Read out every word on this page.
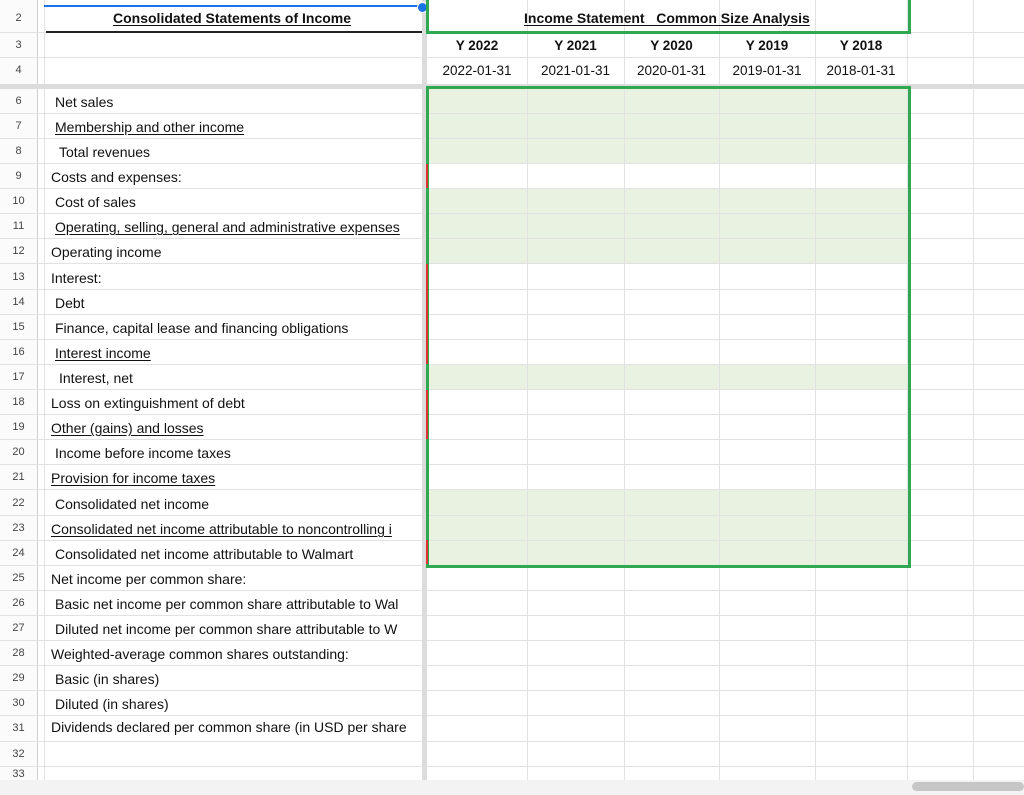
2
3
4
6
7
8
9
10
11
12
13
14
15
16
17
18
19
20
21
22
23
24
25
26
27
28
29
30
31
32
33
Consolidated Statements of Income	Income Statement   Common Size Analysis
Y 2022	Y 2021	Y 2020	Y 2019	Y 2018
2022-01-31	2021-01-31	2020-01-31	2019-01-31	2018-01-31
Net sales
Membership and other income
Total revenues
Costs and expenses:
Cost of sales
Operating, selling, general and administrative expenses
Operating income
Interest:
Debt
Finance, capital lease and financing obligations
Interest income
Interest, net
Loss on extinguishment of debt
Other (gains) and losses
Income before income taxes
Provision for income taxes
Consolidated net income
Consolidated net income attributable to noncontrolling i
Consolidated net income attributable to Walmart
Net income per common share:
Basic net income per common share attributable to Wal
Diluted net income per common share attributable to W
Weighted-average common shares outstanding:
Basic (in shares)
Diluted (in shares)
Dividends declared per common share (in USD per share
